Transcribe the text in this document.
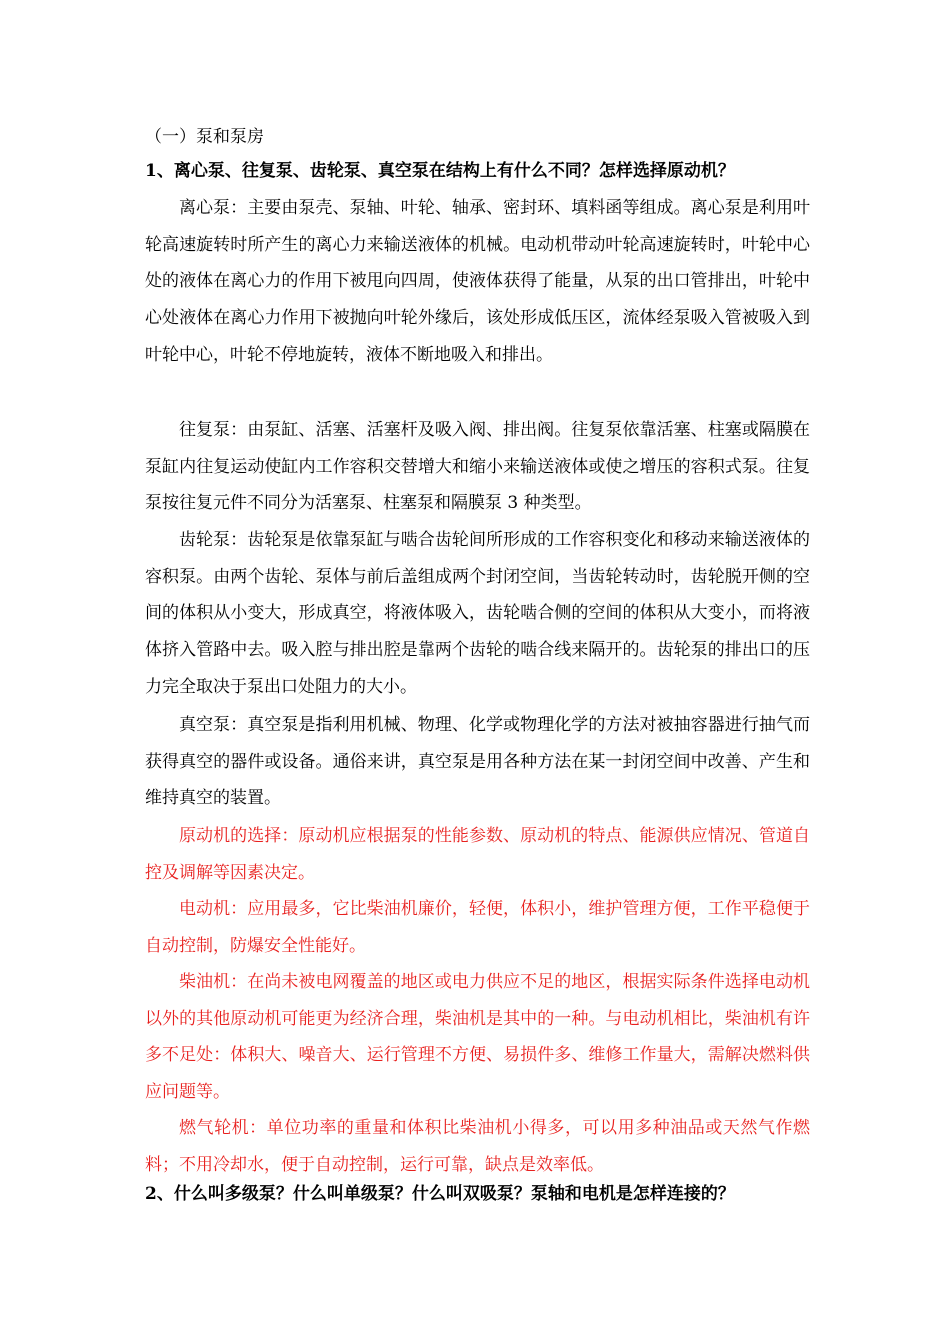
（一）泵和泵房
1、离心泵、往复泵、齿轮泵、真空泵在结构上有什么不同？怎样选择原动机？

离心泵：主要由泵壳、泵轴、叶轮、轴承、密封环、填料函等组成。离心泵是利用叶轮高速旋转时所产生的离心力来输送液体的机械。电动机带动叶轮高速旋转时，叶轮中心处的液体在离心力的作用下被甩向四周，使液体获得了能量，从泵的出口管排出，叶轮中心处液体在离心力作用下被抛向叶轮外缘后，该处形成低压区，流体经泵吸入管被吸入到叶轮中心，叶轮不停地旋转，液体不断地吸入和排出。

往复泵：由泵缸、活塞、活塞杆及吸入阀、排出阀。往复泵依靠活塞、柱塞或隔膜在泵缸内往复运动使缸内工作容积交替增大和缩小来输送液体或使之增压的容积式泵。往复泵按往复元件不同分为活塞泵、柱塞泵和隔膜泵 3 种类型。

齿轮泵：齿轮泵是依靠泵缸与啮合齿轮间所形成的工作容积变化和移动来输送液体的容积泵。由两个齿轮、泵体与前后盖组成两个封闭空间，当齿轮转动时，齿轮脱开侧的空间的体积从小变大，形成真空，将液体吸入，齿轮啮合侧的空间的体积从大变小，而将液体挤入管路中去。吸入腔与排出腔是靠两个齿轮的啮合线来隔开的。齿轮泵的排出口的压力完全取决于泵出口处阻力的大小。

真空泵：真空泵是指利用机械、物理、化学或物理化学的方法对被抽容器进行抽气而获得真空的器件或设备。通俗来讲，真空泵是用各种方法在某一封闭空间中改善、产生和维持真空的装置。

原动机的选择：原动机应根据泵的性能参数、原动机的特点、能源供应情况、管道自控及调解等因素决定。

电动机：应用最多，它比柴油机廉价，轻便，体积小，维护管理方便，工作平稳便于自动控制，防爆安全性能好。

柴油机：在尚未被电网覆盖的地区或电力供应不足的地区，根据实际条件选择电动机以外的其他原动机可能更为经济合理，柴油机是其中的一种。与电动机相比，柴油机有许多不足处：体积大、噪音大、运行管理不方便、易损件多、维修工作量大，需解决燃料供应问题等。

燃气轮机：单位功率的重量和体积比柴油机小得多，可以用多种油品或天然气作燃料；不用冷却水，便于自动控制，运行可靠，缺点是效率低。

2、什么叫多级泵？什么叫单级泵？什么叫双吸泵？泵轴和电机是怎样连接的？
